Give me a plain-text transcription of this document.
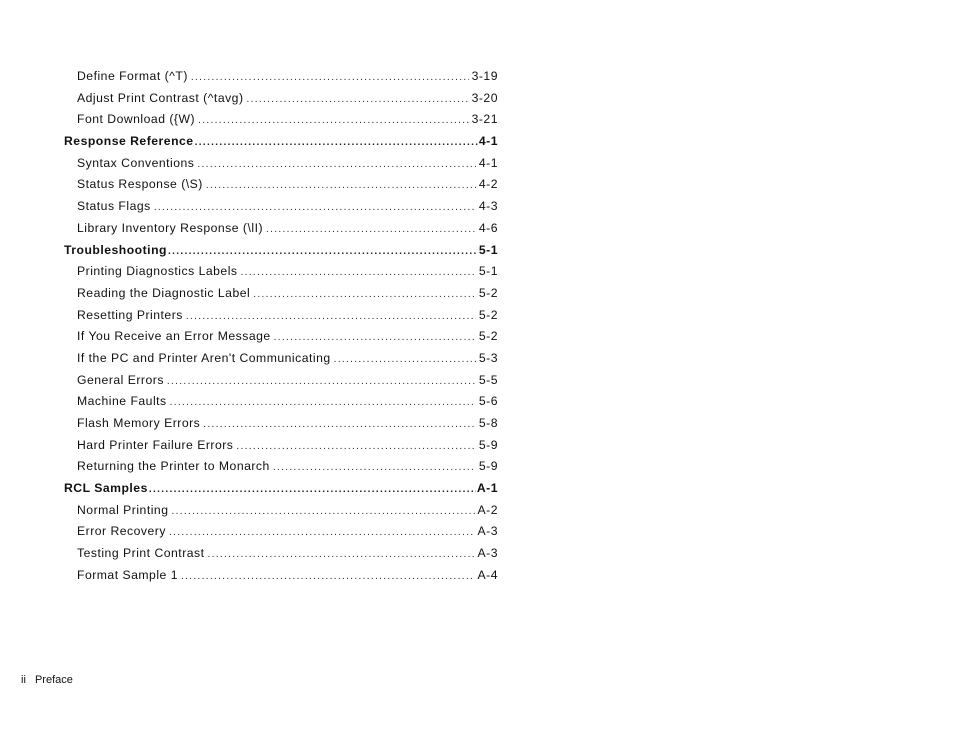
Define Format (^T) .....	3-19
Adjust Print Contrast (^tavg) .....	3-20
Font Download ({W) .....	3-21
Response Reference .....	4-1
Syntax Conventions .....	4-1
Status Response (\S) .....	4-2
Status Flags .....	4-3
Library Inventory Response (\lI) .....	4-6
Troubleshooting .....	5-1
Printing Diagnostics Labels .....	5-1
Reading the Diagnostic Label .....	5-2
Resetting Printers .....	5-2
If You Receive an Error Message .....	5-2
If the PC and Printer Aren't Communicating .....	5-3
General Errors .....	5-5
Machine Faults .....	5-6
Flash Memory Errors .....	5-8
Hard Printer Failure Errors .....	5-9
Returning the Printer to Monarch .....	5-9
RCL Samples .....	A-1
Normal Printing .....	A-2
Error Recovery .....	A-3
Testing Print Contrast .....	A-3
Format Sample 1 .....	A-4
ii Preface
